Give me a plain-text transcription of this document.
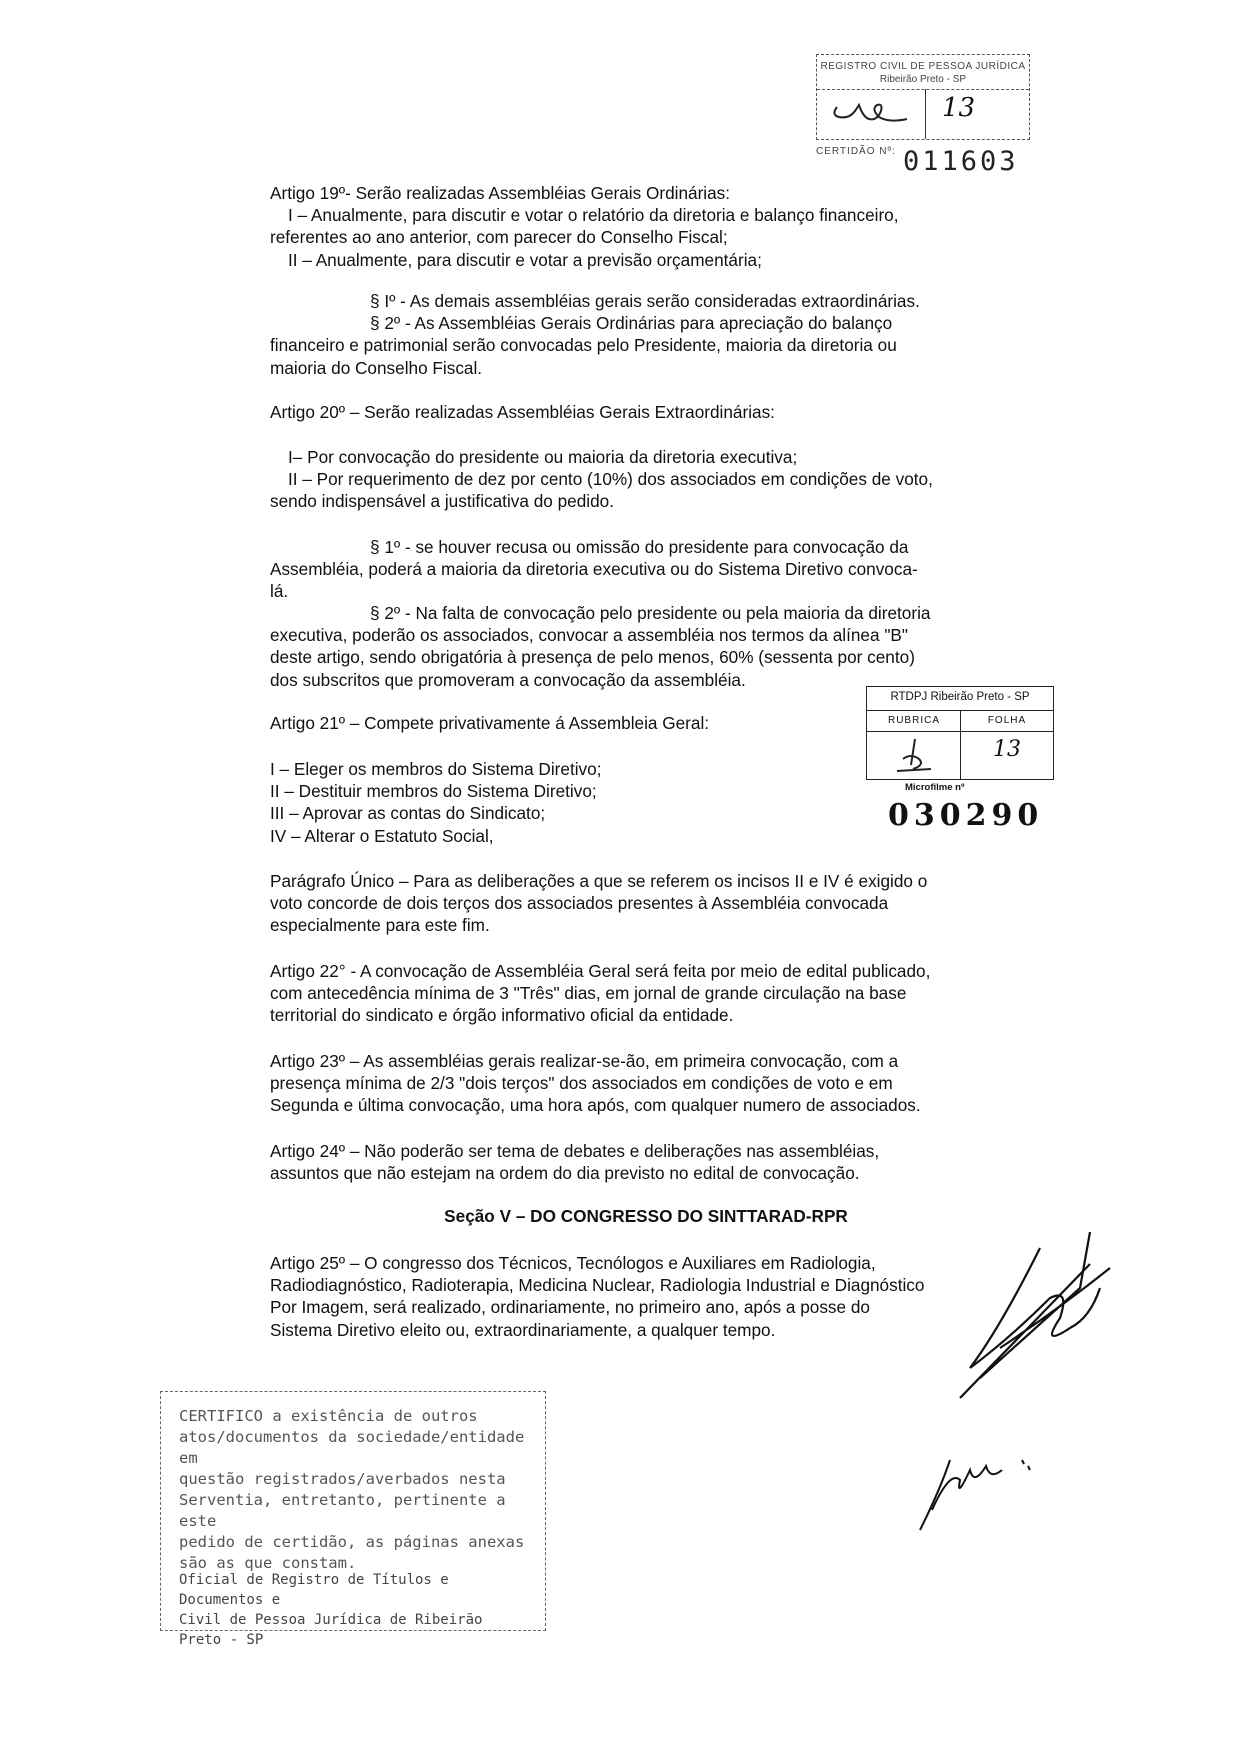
REGISTRO CIVIL DE PESSOA JURÍDICA
Ribeirão Preto - SP
13
CERTIDÃO Nº: 011603
Artigo 19º- Serão realizadas Assembléias Gerais Ordinárias:
I – Anualmente, para discutir e votar o relatório da diretoria e balanço financeiro,
referentes ao ano anterior, com parecer do Conselho Fiscal;
II – Anualmente, para discutir e votar a previsão orçamentária;
§ Iº - As demais assembléias gerais serão consideradas extraordinárias.
§ 2º - As Assembléias Gerais Ordinárias para apreciação do balanço
financeiro e patrimonial serão convocadas pelo Presidente, maioria da diretoria ou
maioria do Conselho Fiscal.
Artigo 20º – Serão realizadas Assembléias Gerais Extraordinárias:
I– Por convocação do presidente ou maioria da diretoria executiva;
II – Por requerimento de dez por cento (10%) dos associados em condições de voto,
sendo indispensável a justificativa do pedido.
§ 1º - se houver recusa ou omissão do presidente para convocação da
Assembléia, poderá a maioria da diretoria executiva ou do Sistema Diretivo convoca-
lá.
§ 2º - Na falta de convocação pelo presidente ou pela maioria da diretoria
executiva, poderão os associados, convocar a assembléia nos termos da alínea "B"
deste artigo, sendo obrigatória à presença de pelo menos, 60% (sessenta por cento)
dos subscritos que promoveram a convocação da assembléia.
RTDPJ Ribeirão Preto - SP
RUBRICA	FOLHA
13
Microfilme nº
030290
Artigo 21º – Compete privativamente á Assembleia Geral:
I – Eleger os membros do Sistema Diretivo;
II – Destituir membros do Sistema Diretivo;
III – Aprovar as contas do Sindicato;
IV – Alterar o Estatuto Social,
Parágrafo Único – Para as deliberações a que se referem os incisos II e IV é exigido o
voto concorde de dois terços dos associados presentes à Assembléia convocada
especialmente para este fim.
Artigo 22° - A convocação de Assembléia Geral será feita por meio de edital publicado,
com antecedência mínima de 3 "Três" dias, em jornal de grande circulação na base
territorial do sindicato e órgão informativo oficial da entidade.
Artigo 23º – As assembléias gerais realizar-se-ão, em primeira convocação, com a
presença mínima de 2/3 "dois terços" dos associados em condições de voto e em
Segunda e última convocação, uma hora após, com qualquer numero de associados.
Artigo 24º – Não poderão ser tema de debates e deliberações nas assembléias,
assuntos que não estejam na ordem do dia previsto no edital de convocação.
Seção V – DO CONGRESSO DO SINTTARAD-RPR
Artigo 25º – O congresso dos Técnicos, Tecnólogos e Auxiliares em Radiologia,
Radiodiagnóstico, Radioterapia, Medicina Nuclear, Radiologia Industrial e Diagnóstico
Por Imagem, será realizado, ordinariamente, no primeiro ano, após a posse do
Sistema Diretivo eleito ou, extraordinariamente, a qualquer tempo.
CERTIFICO a existência de outros
atos/documentos da sociedade/entidade em
questão registrados/averbados nesta
Serventia, entretanto, pertinente a este
pedido de certidão, as páginas anexas
são as que constam.
Oficial de Registro de Títulos e Documentos e
Civil de Pessoa Jurídica de Ribeirão Preto - SP
